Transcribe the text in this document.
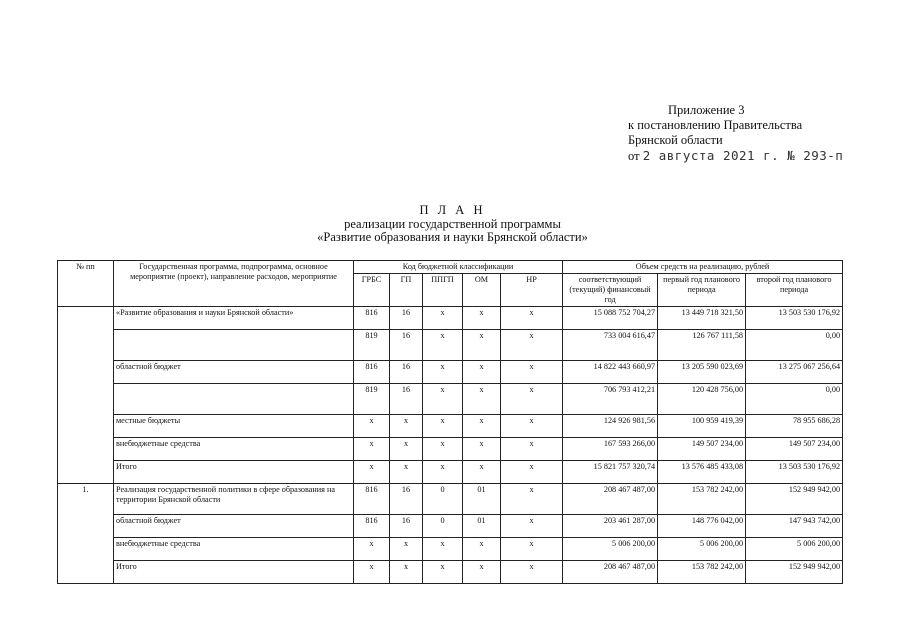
Приложение 3
к постановлению Правительства
Брянской области
от 2 августа 2021 г. № 293-п
П Л А Н
реализации государственной программы
«Развитие образования и науки Брянской области»
№ пп	Государственная программа, подпрограмма, основное мероприятие (проект), направление расходов, мероприятие	Код бюджетной классификации					Объем средств на реализацию, рублей		
		ГРБС	ГП	ППГП	ОМ	НР	соответствующий (текущий) финансовый год	первый год планового периода	второй год планового периода
	«Развитие образования и науки Брянской области»	816	16	х	х	х	15 088 752 704,27	13 449 718 321,50	13 503 530 176,92
		819	16	х	х	х	733 004 616,47	126 767 111,58	0,00
	областной бюджет	816	16	х	х	х	14 822 443 660,97	13 205 590 023,69	13 275 067 256,64
		819	16	х	х	х	706 793 412,21	120 428 756,00	0,00
	местные бюджеты	х	х	х	х	х	124 926 981,56	100 959 419,39	78 955 686,28
	внебюджетные средства	х	х	х	х	х	167 593 266,00	149 507 234,00	149 507 234,00
	Итого	х	х	х	х	х	15 821 757 320,74	13 576 485 433,08	13 503 530 176,92
1.	Реализация государственной политики в сфере образования на территории Брянской области	816	16	0	01	х	208 467 487,00	153 782 242,00	152 949 942,00
	областной бюджет	816	16	0	01	х	203 461 287,00	148 776 042,00	147 943 742,00
	внебюджетные средства	х	х	х	х	х	5 006 200,00	5 006 200,00	5 006 200,00
	Итого	х	х	х	х	х	208 467 487,00	153 782 242,00	152 949 942,00
